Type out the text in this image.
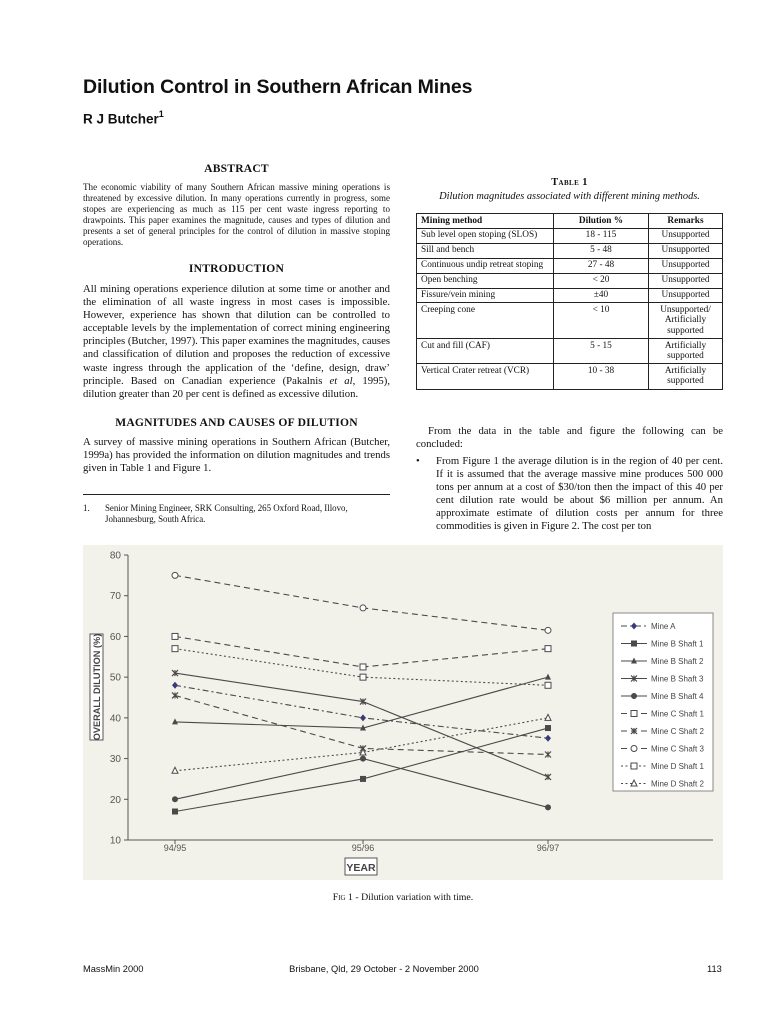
Dilution Control in Southern African Mines
R J Butcher$^1$
ABSTRACT
The economic viability of many Southern African massive mining operations is threatened by excessive dilution. In many operations currently in progress, some stopes are experiencing as much as 115 per cent waste ingress reporting to drawpoints. This paper examines the magnitude, causes and types of dilution and presents a set of general principles for the control of dilution in massive stoping operations.
INTRODUCTION
All mining operations experience dilution at some time or another and the elimination of all waste ingress in most cases is impossible. However, experience has shown that dilution can be controlled to acceptable levels by the implementation of correct mining engineering principles (Butcher, 1997). This paper examines the magnitudes, causes and classification of dilution and proposes the reduction of excessive waste ingress through the application of the ‘define, design, draw’ principle. Based on Canadian experience (Pakalnis et al, 1995), dilution greater than 20 per cent is defined as excessive dilution.
MAGNITUDES AND CAUSES OF DILUTION
A survey of massive mining operations in Southern African (Butcher, 1999a) has provided the information on dilution magnitudes and trends given in Table 1 and Figure 1.
1.	Senior Mining Engineer, SRK Consulting, 265 Oxford Road, Illovo, Johannesburg, South Africa.
Table 1
Dilution magnitudes associated with different mining methods.
Mining method	Dilution %	Remarks
Sub level open stoping (SLOS)	18 - 115	Unsupported
Sill and bench	5 - 48	Unsupported
Continuous undip retreat stoping	27 - 48	Unsupported
Open benching	< 20	Unsupported
Fissure/vein mining	±40	Unsupported
Creeping cone	< 10	Unsupported/ Artificially supported
Cut and fill (CAF)	5 - 15	Artificially supported
Vertical Crater retreat (VCR)	10 - 38	Artificially supported
From the data in the table and figure the following can be concluded:
•	From Figure 1 the average dilution is in the region of 40 per cent. If it is assumed that the average massive mine produces 500 000 tons per annum at a cost of $30/ton then the impact of this 40 per cent dilution rate would be about $6 million per annum. An approximate estimate of dilution costs per annum for three commodities is given in Figure 2. The cost per ton
10
20
30
40
50
60
70
80
94/95	95/96	96/97
OVERALL DILUTION (%)
YEAR
Mine A
Mine B Shaft 1
Mine B Shaft 2
Mine B Shaft 3
Mine B Shaft 4
Mine C Shaft 1
Mine C Shaft 2
Mine C Shaft 3
Mine D Shaft 1
Mine D Shaft 2
Fig 1 - Dilution variation with time.
MassMin 2000	Brisbane, Qld, 29 October - 2 November 2000	113
